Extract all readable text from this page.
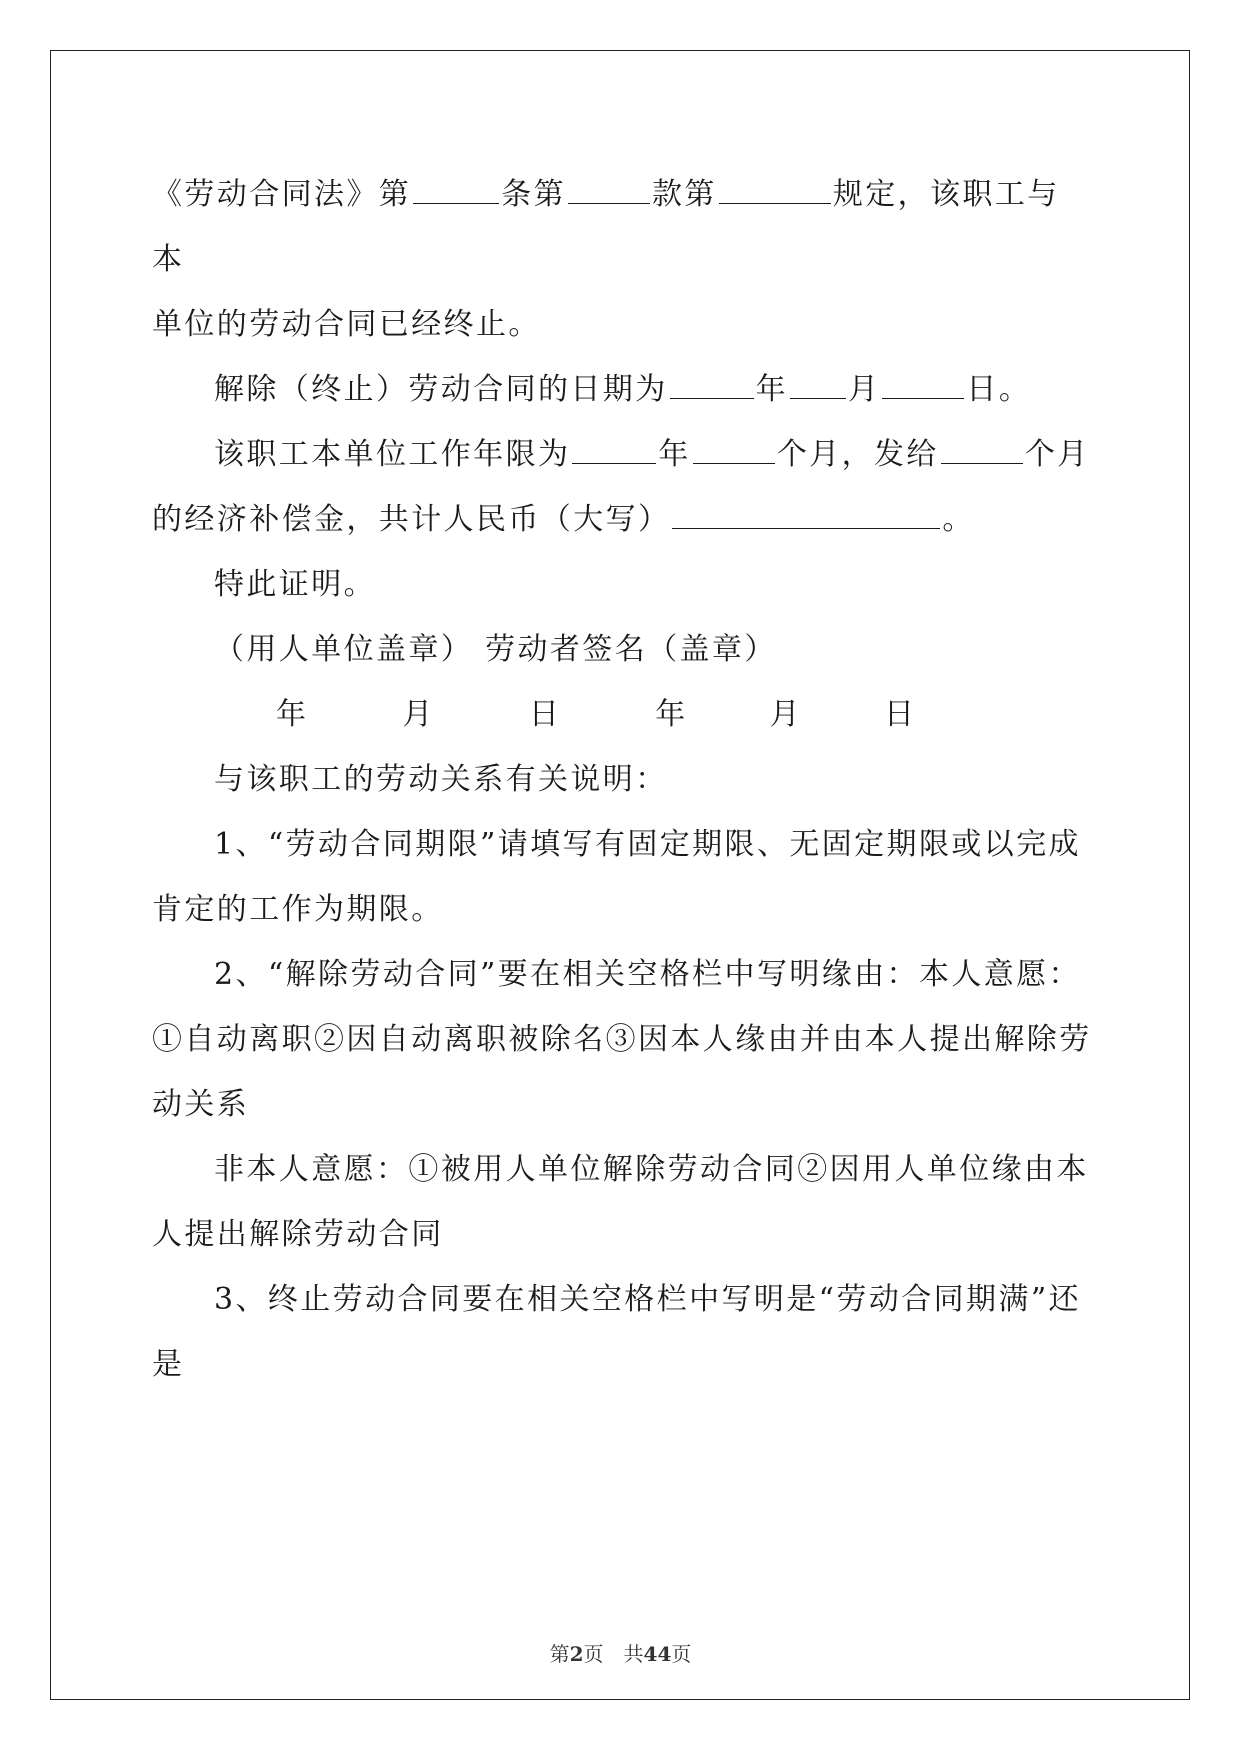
《劳动合同法》第	条第	款第	规定，该职工与本
单位的劳动合同已经终止。

解除（终止）劳动合同的日期为	年 月	日。

该职工本单位工作年限为	年	个月，发给	个月
的经济补偿金，共计人民币（大写）	。

特此证明。

（用人单位盖章） 劳动者签名（盖章）

年	月	日	年	月	日

与该职工的劳动关系有关说明：

1、“劳动合同期限”请填写有固定期限、无固定期限或以完成肯定的工作为期限。

2、“解除劳动合同”要在相关空格栏中写明缘由：本人意愿：①自动离职②因自动离职被除名③因本人缘由并由本人提出解除劳动关系

非本人意愿：①被用人单位解除劳动合同②因用人单位缘由本人提出解除劳动合同

3、终止劳动合同要在相关空格栏中写明是“劳动合同期满”还是

第2页　共44页
